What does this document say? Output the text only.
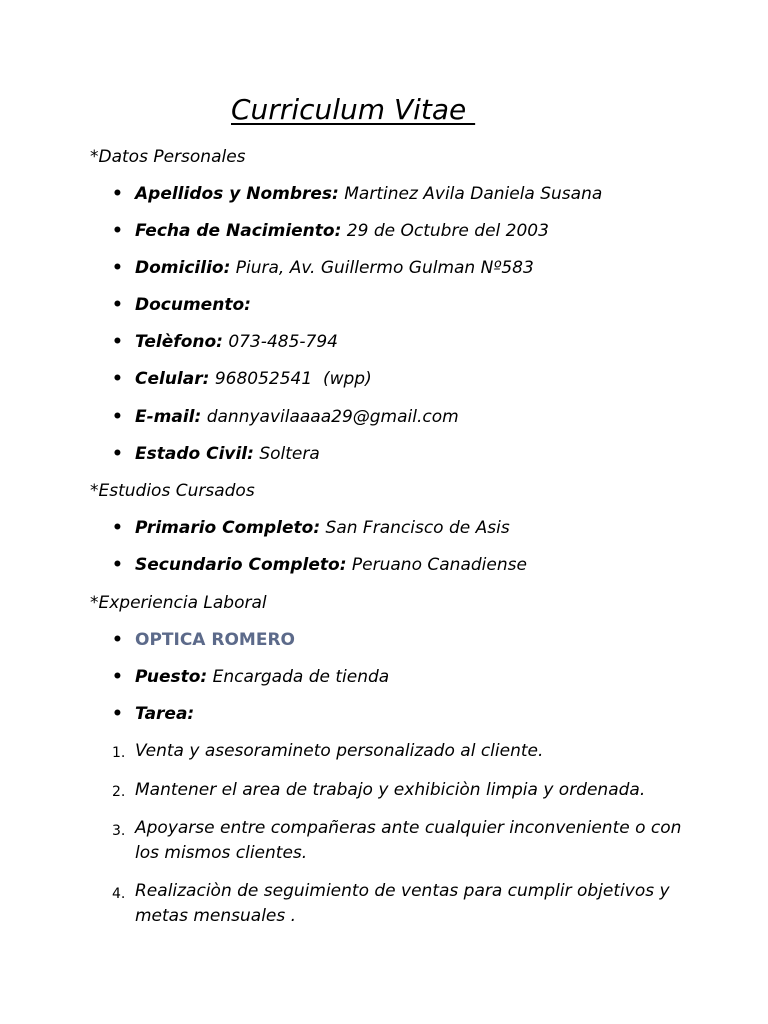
Curriculum Vitae
*Datos Personales

•

Apellidos y Nombres: Martinez Avila Daniela Susana

•

Fecha de Nacimiento: 29 de Octubre del 2003

•

Domicilio: Piura, Av. Guillermo Gulman Nº583

•

Documento:

•

Telèfono: 073-485-794

•

Celular: 968052541  (wpp)

•

E-mail: dannyavilaaaa29@gmail.com

•

Estado Civil: Soltera

*Estudios Cursados

•

Primario Completo: San Francisco de Asis

•

Secundario Completo: Peruano Canadiense

*Experiencia Laboral

•

OPTICA ROMERO

•

Puesto: Encargada de tienda

•

Tarea:

1. Venta y asesoramineto personalizado al cliente.
2. Mantener el area de trabajo y exhibiciòn limpia y ordenada.
3. Apoyarse entre compañeras ante cualquier inconveniente o con los mismos clientes.
4. Realizaciòn de seguimiento de ventas para cumplir objetivos y metas mensuales .
